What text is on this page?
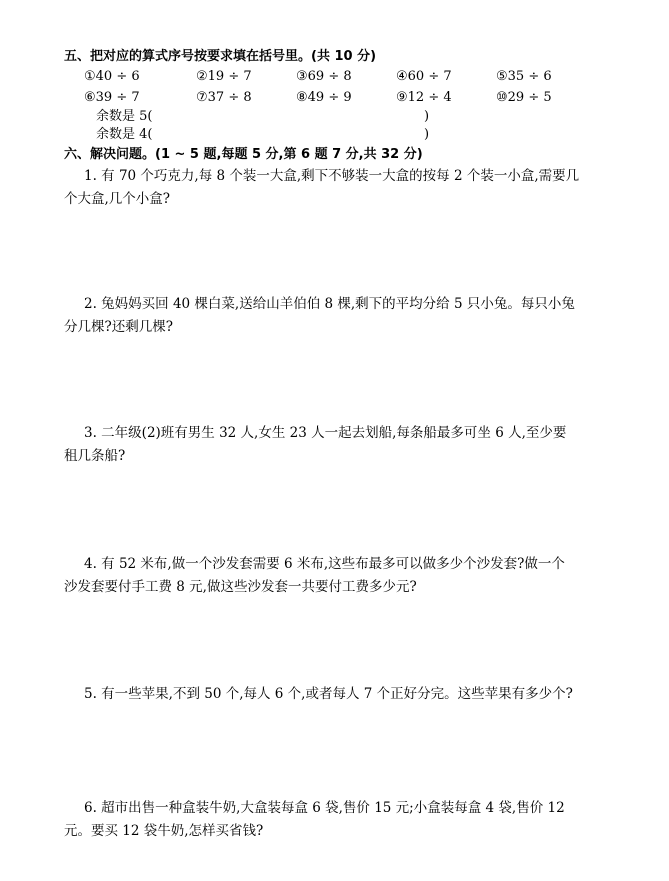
五、把对应的算式序号按要求填在括号里。(共 10 分)
①40 ÷ 6	②19 ÷ 7	③69 ÷ 8	④60 ÷ 7	⑤35 ÷ 6
⑥39 ÷ 7	⑦37 ÷ 8	⑧49 ÷ 9	⑨12 ÷ 4	⑩29 ÷ 5
余数是 5(	)
余数是 4(	)
六、解决问题。(1 ~ 5 题,每题 5 分,第 6 题 7 分,共 32 分)
1. 有 70 个巧克力,每 8 个装一大盒,剩下不够装一大盒的按每 2 个装一小盒,需要几
个大盒,几个小盒?
2. 兔妈妈买回 40 棵白菜,送给山羊伯伯 8 棵,剩下的平均分给 5 只小兔。每只小兔
分几棵?还剩几棵?
3. 二年级(2)班有男生 32 人,女生 23 人一起去划船,每条船最多可坐 6 人,至少要
租几条船?
4. 有 52 米布,做一个沙发套需要 6 米布,这些布最多可以做多少个沙发套?做一个
沙发套要付手工费 8 元,做这些沙发套一共要付工费多少元?
5. 有一些苹果,不到 50 个,每人 6 个,或者每人 7 个正好分完。这些苹果有多少个?
6. 超市出售一种盒装牛奶,大盒装每盒 6 袋,售价 15 元;小盒装每盒 4 袋,售价 12
元。要买 12 袋牛奶,怎样买省钱?
